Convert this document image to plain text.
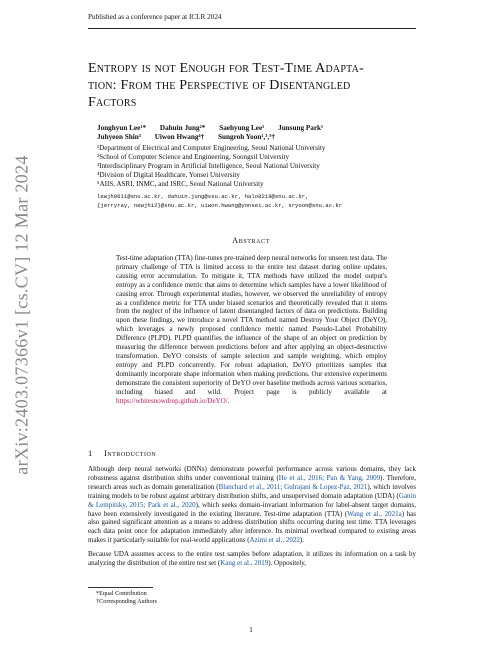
Published as a conference paper at ICLR 2024
Entropy is not Enough for Test-Time Adapta-
tion: From the Perspective of Disentangled
Factors
Jonghyun Lee¹* Dahuin Jung²* Saehyung Lee¹ Junsung Park¹
Juhyeon Shin³ Uiwon Hwang⁴† Sungroh Yoon¹,³,⁵†
¹Department of Electrical and Computer Engineering, Seoul National University
²School of Computer Science and Engineering, Soongsil University
³Interdisciplinary Program in Artificial Intelligence, Seoul National University
⁴Division of Digital Healthcare, Yonsei University
⁵AIIS, ASRI, INMC, and ISRC, Seoul National University
lewjh9611@snu.ac.kr, dahuin.jung@ssu.ac.kr, halo8218@snu.ac.kr,
{jerryray, newjh12}@snu.ac.kr, uiwon.hwang@yonsei.ac.kr, sryoon@snu.ac.kr
Abstract
Test-time adaptation (TTA) fine-tunes pre-trained deep neural networks for unseen test data. The primary challenge of TTA is limited access to the entire test dataset during online updates, causing error accumulation. To mitigate it, TTA methods have utilized the model output's entropy as a confidence metric that aims to determine which samples have a lower likelihood of causing error. Through experimental studies, however, we observed the unreliability of entropy as a confidence metric for TTA under biased scenarios and theoretically revealed that it stems from the neglect of the influence of latent disentangled factors of data on predictions. Building upon these findings, we introduce a novel TTA method named Destroy Your Object (DeYO), which leverages a newly proposed confidence metric named Pseudo-Label Probability Difference (PLPD). PLPD quantifies the influence of the shape of an object on prediction by measuring the difference between predictions before and after applying an object-destructive transformation. DeYO consists of sample selection and sample weighting, which employ entropy and PLPD concurrently. For robust adaptation, DeYO prioritizes samples that dominantly incorporate shape information when making predictions. Our extensive experiments demonstrate the consistent superiority of DeYO over baseline methods across various scenarios, including biased and wild. Project page is publicly available at https://whitesnowdrop.github.io/DeYO/.
arXiv:2403.07366v1 [cs.CV] 12 Mar 2024	1 Introduction

Although deep neural networks (DNNs) demonstrate powerful performance across various domains, they lack robustness against distribution shifts under conventional training (He et al., 2016; Pan & Yang, 2009). Therefore, research areas such as domain generalization (Blanchard et al., 2011; Gulrajani & Lopez-Paz, 2021), which involves training models to be robust against arbitrary distribution shifts, and unsupervised domain adaptation (UDA) (Ganin & Lempitsky, 2015; Park et al., 2020), which seeks domain-invariant information for label-absent target domains, have been extensively investigated in the existing literature. Test-time adaptation (TTA) (Wang et al., 2021a) has also gained significant attention as a means to address distribution shifts occurring during test time. TTA leverages each data point once for adaptation immediately after inference. Its minimal overhead compared to existing areas makes it particularly suitable for real-world applications (Azimi et al., 2022).

Because UDA assumes access to the entire test samples before adaptation, it utilizes its information on a task by analyzing the distribution of the entire test set (Kang et al., 2019). Oppositely,

*Equal Contribution
†Corresponding Authors
1
